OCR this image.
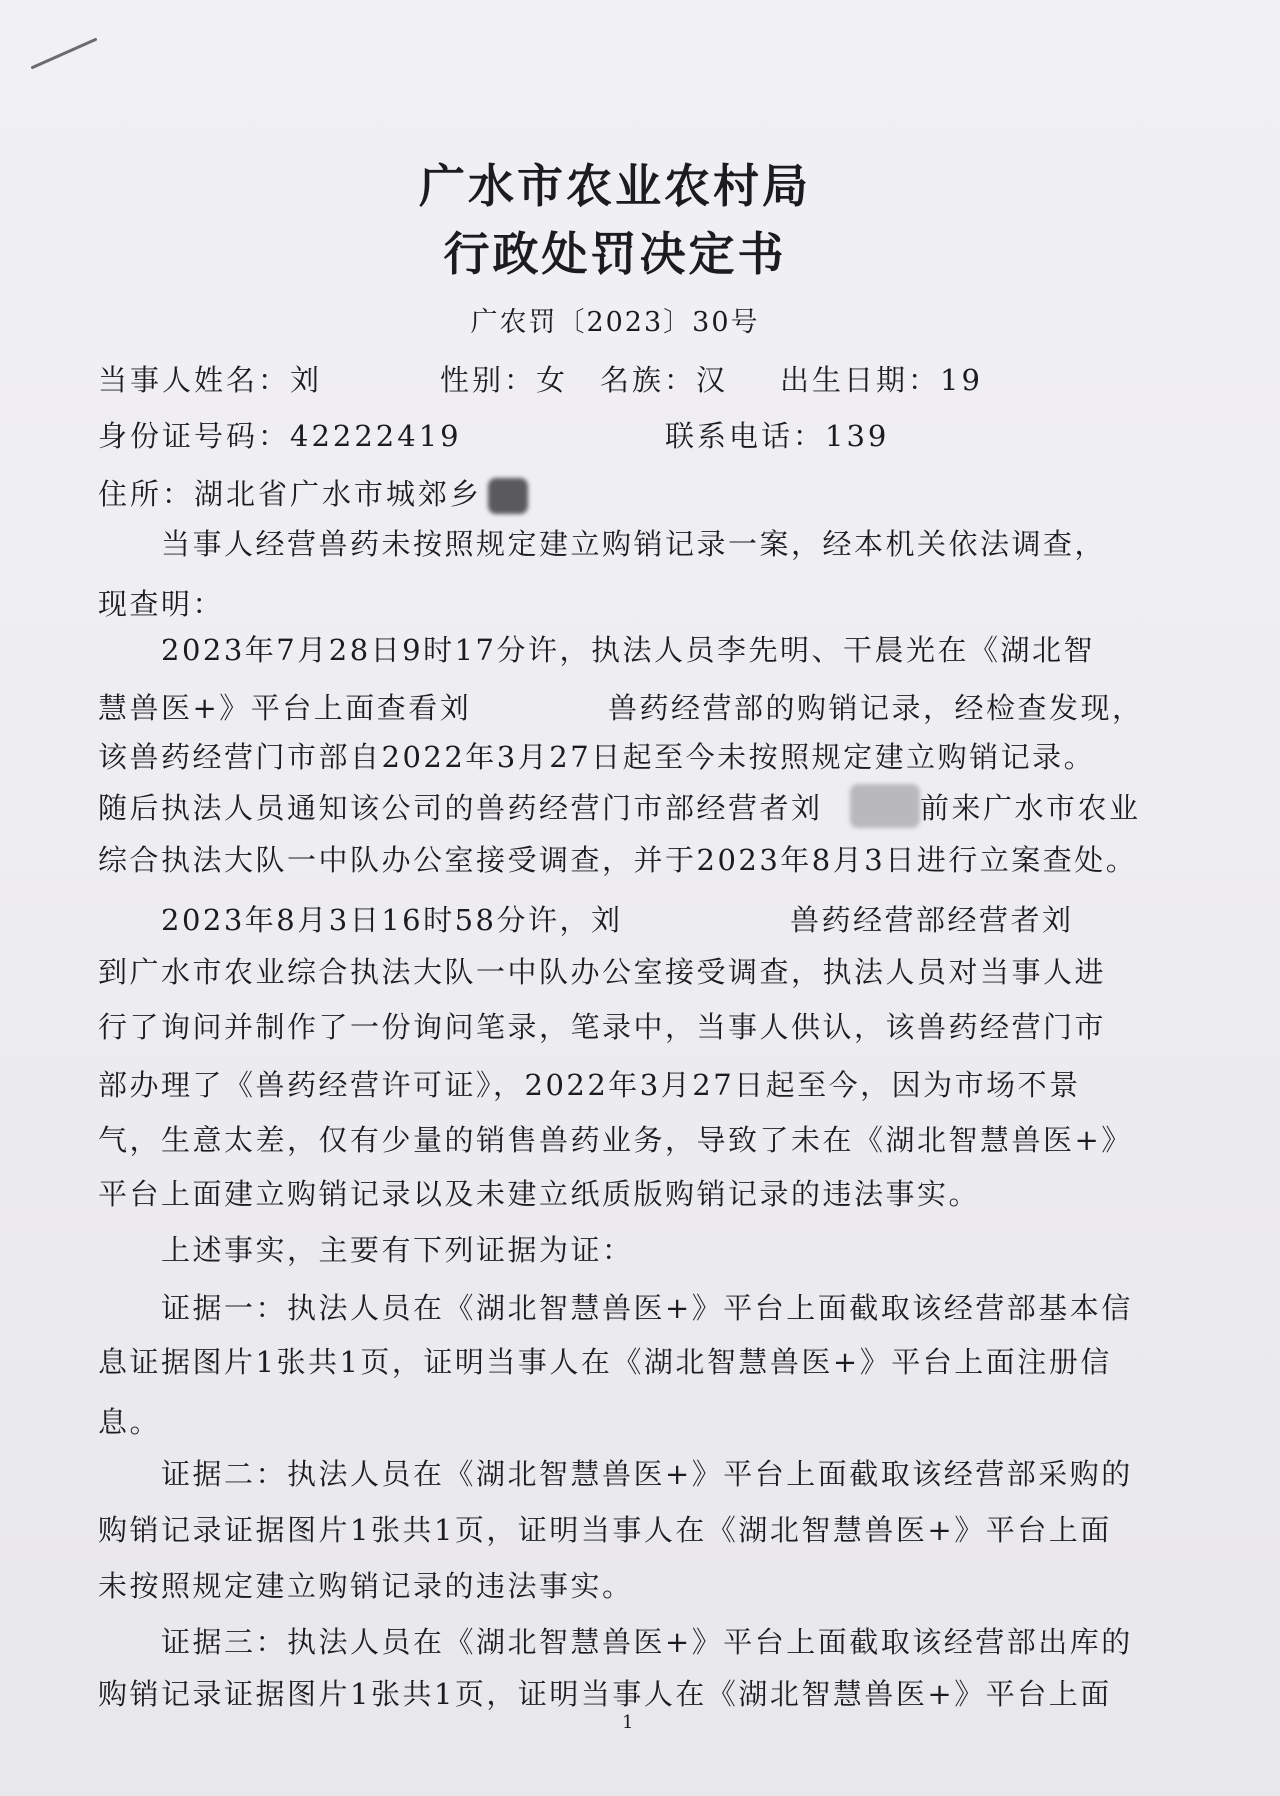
广水市农业农村局
行政处罚决定书
广农罚〔2023〕30号
当事人姓名：刘	性别：女 名族：汉 出生日期：19
身份证号码：42222419	联系电话：139
住所：湖北省广水市城郊乡
　　当事人经营兽药未按照规定建立购销记录一案，经本机关依法调查，
现查明：
　　2023年7月28日9时17分许，执法人员李先明、干晨光在《湖北智
慧兽医+》平台上面查看刘	兽药经营部的购销记录，经检查发现，
该兽药经营门市部自2022年3月27日起至今未按照规定建立购销记录。
随后执法人员通知该公司的兽药经营门市部经营者刘	前来广水市农业
综合执法大队一中队办公室接受调查，并于2023年8月3日进行立案查处。
　　2023年8月3日16时58分许，刘	兽药经营部经营者刘
到广水市农业综合执法大队一中队办公室接受调查，执法人员对当事人进
行了询问并制作了一份询问笔录，笔录中，当事人供认，该兽药经营门市
部办理了《兽药经营许可证》，2022年3月27日起至今，因为市场不景
气，生意太差，仅有少量的销售兽药业务，导致了未在《湖北智慧兽医+》
平台上面建立购销记录以及未建立纸质版购销记录的违法事实。
　　上述事实，主要有下列证据为证：
　　证据一：执法人员在《湖北智慧兽医+》平台上面截取该经营部基本信
息证据图片1张共1页，证明当事人在《湖北智慧兽医+》平台上面注册信
息。
　　证据二：执法人员在《湖北智慧兽医+》平台上面截取该经营部采购的
购销记录证据图片1张共1页，证明当事人在《湖北智慧兽医+》平台上面
未按照规定建立购销记录的违法事实。
　　证据三：执法人员在《湖北智慧兽医+》平台上面截取该经营部出库的
购销记录证据图片1张共1页，证明当事人在《湖北智慧兽医+》平台上面
1
